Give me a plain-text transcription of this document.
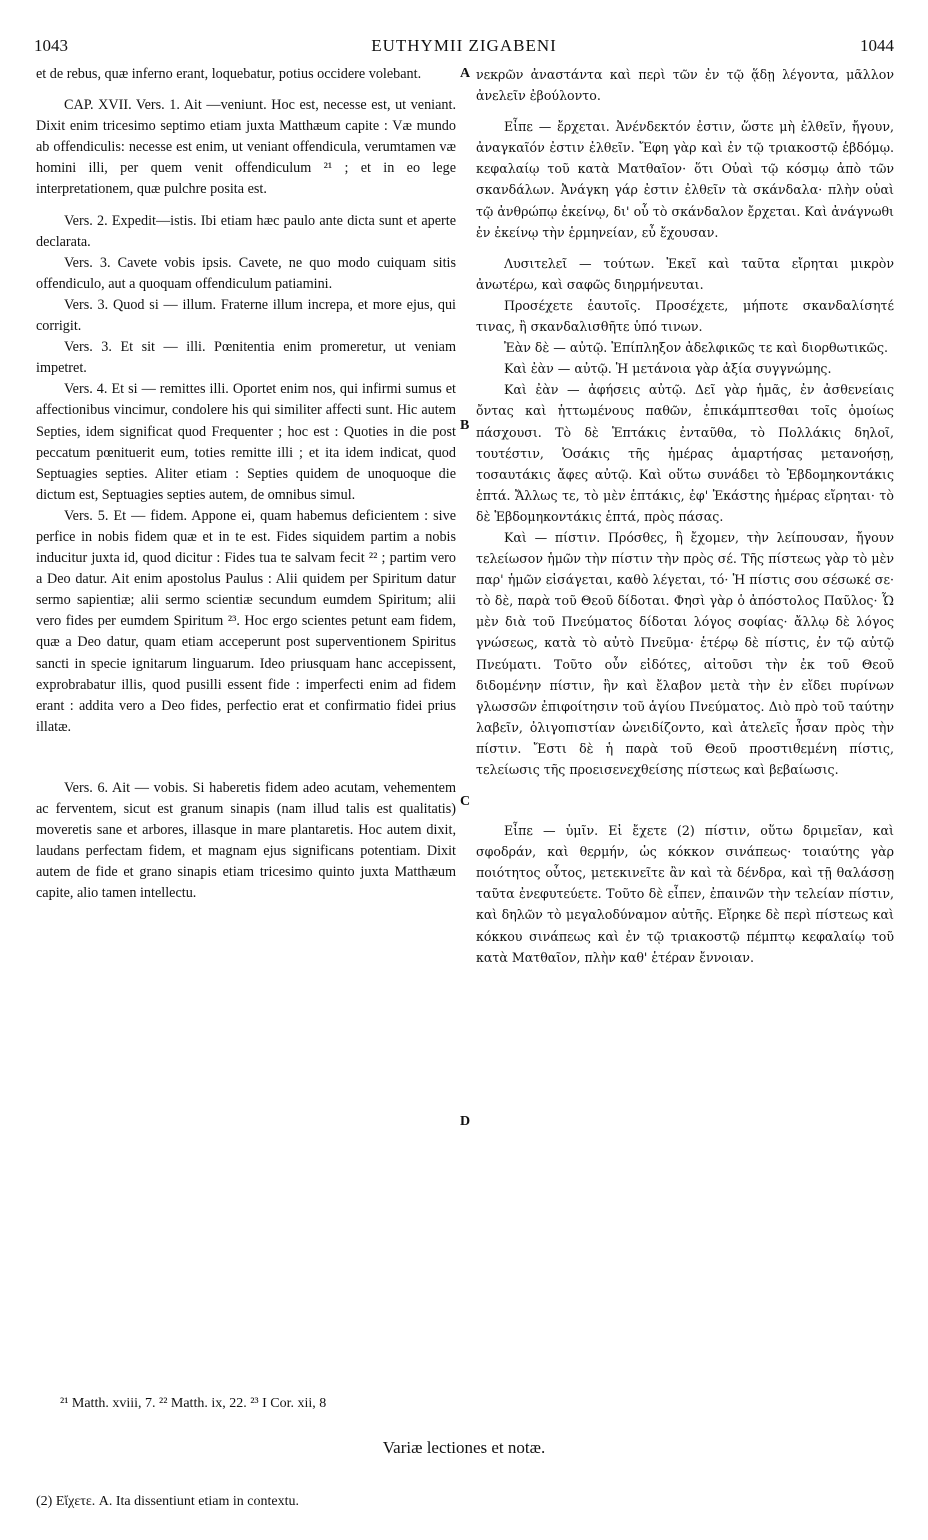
1043	EUTHYMII ZIGABENI	1044

et de rebus, quæ inferno erant, loquebatur, potius occidere volebant.

CAP. XVII. Vers. 1. Ait —veniunt. Hoc est, necesse est, ut veniant. Dixit enim tricesimo septimo etiam juxta Matthæum capite : Væ mundo ab offendiculis: necesse est enim, ut veniant offendicula, verumtamen væ homini illi, per quem venit offendiculum ²¹ ; et in eo lege interpretationem, quæ pulchre posita est.

Vers. 2. Expedit—istis. Ibi etiam hæc paulo ante dicta sunt et aperte declarata.

Vers. 3. Cavete vobis ipsis. Cavete, ne quo modo cuiquam sitis offendiculo, aut a quoquam offendiculum patiamini.

Vers. 3. Quod si — illum. Fraterne illum increpa, et more ejus, qui corrigit.

Vers. 3. Et sit — illi. Pœnitentia enim promeretur, ut veniam impetret.

Vers. 4. Et si — remittes illi. Oportet enim nos, qui infirmi sumus et affectionibus vincimur, condolere his qui similiter affecti sunt. Hic autem Septies, idem significat quod Frequenter ; hoc est : Quoties in die post peccatum pœnituerit eum, toties remitte illi ; et ita idem indicat, quod Septuagies septies. Aliter etiam : Septies quidem de unoquoque die dictum est, Septuagies septies autem, de omnibus simul.

Vers. 5. Et — fidem. Appone ei, quam habemus deficientem : sive perfice in nobis fidem quæ et in te est. Fides siquidem partim a nobis inducitur juxta id, quod dicitur : Fides tua te salvam fecit ²² ; partim vero a Deo datur. Ait enim apostolus Paulus : Alii quidem per Spiritum datur sermo sapientiæ; alii sermo scientiæ secundum eumdem Spiritum; alii vero fides per eumdem Spiritum ²³. Hoc ergo scientes petunt eam fidem, quæ a Deo datur, quam etiam acceperunt post superventionem Spiritus sancti in specie ignitarum linguarum. Ideo priusquam hanc accepissent, exprobrabatur illis, quod pusilli essent fide : imperfecti enim ad fidem erant : addita vero a Deo fides, perfectio erat et confirmatio fidei prius illatæ.

Vers. 6. Ait — vobis. Si haberetis fidem adeo acutam, vehementem ac ferventem, sicut est granum sinapis (nam illud talis est qualitatis) moveretis sane et arbores, illasque in mare plantaretis. Hoc autem dixit, laudans perfectam fidem, et magnam ejus significans potentiam. Dixit autem de fide et grano sinapis etiam tricesimo quinto juxta Matthæum capite, alio tamen intellectu.

νεκρῶν ἀναστάντα καὶ περὶ τῶν ἐν τῷ ᾅδῃ λέγοντα, μᾶλλον ἀνελεῖν ἐβούλοντο.

Εἶπε — ἔρχεται. Ἀνένδεκτόν ἐστιν, ὥστε μὴ ἐλθεῖν, ἤγουν, ἀναγκαῖόν ἐστιν ἐλθεῖν. Ἔφη γὰρ καὶ ἐν τῷ τριακοστῷ ἑβδόμῳ. κεφαλαίῳ τοῦ κατὰ Ματθαῖον· ὅτι Οὐαὶ τῷ κόσμῳ ἀπὸ τῶν σκανδάλων. Ἀνάγκη γάρ ἐστιν ἐλθεῖν τὰ σκάνδαλα· πλὴν οὐαὶ τῷ ἀνθρώπῳ ἐκείνῳ, δι' οὗ τὸ σκάνδαλον ἔρχεται. Καὶ ἀνάγνωθι ἐν ἐκείνῳ τὴν ἑρμηνείαν, εὖ ἔχουσαν.

Λυσιτελεῖ — τούτων. Ἐκεῖ καὶ ταῦτα εἴρηται μικρὸν ἀνωτέρω, καὶ σαφῶς διηρμήνευται.

Προσέχετε ἑαυτοῖς. Προσέχετε, μήποτε σκανδαλίσητέ τινας, ἢ σκανδαλισθῆτε ὑπό τινων.

Ἐὰν δὲ — αὐτῷ. Ἐπίπληξον ἀδελφικῶς τε καὶ διορθωτικῶς.

Καὶ ἐὰν — αὐτῷ. Ἡ μετάνοια γὰρ ἀξία συγγνώμης.

Καὶ ἐὰν — ἀφήσεις αὐτῷ. Δεῖ γὰρ ἡμᾶς, ἐν ἀσθενείαις ὄντας καὶ ἡττωμένους παθῶν, ἐπικάμπτεσθαι τοῖς ὁμοίως πάσχουσι. Τὸ δὲ Ἑπτάκις ἐνταῦθα, τὸ Πολλάκις δηλοῖ, τουτέστιν, Ὁσάκις τῆς ἡμέρας ἁμαρτήσας μετανοήσῃ, τοσαυτάκις ἄφες αὐτῷ. Καὶ οὕτω συνάδει τὸ Ἑβδομηκοντάκις ἑπτά. Ἄλλως τε, τὸ μὲν ἑπτάκις, ἐφ' Ἑκάστης ἡμέρας εἴρηται· τὸ δὲ Ἑβδομηκοντάκις ἑπτά, πρὸς πάσας.

Καὶ — πίστιν. Πρόσθες, ἣ ἔχομεν, τὴν λείπουσαν, ἤγουν τελείωσον ἡμῶν τὴν πίστιν τὴν πρὸς σέ. Τῆς πίστεως γὰρ τὸ μὲν παρ' ἡμῶν εἰσάγεται, καθὸ λέγεται, τό· Ἡ πίστις σου σέσωκέ σε· τὸ δὲ, παρὰ τοῦ Θεοῦ δίδοται. Φησὶ γὰρ ὁ ἀπόστολος Παῦλος· Ὧ μὲν διὰ τοῦ Πνεύματος δίδοται λόγος σοφίας· ἄλλῳ δὲ λόγος γνώσεως, κατὰ τὸ αὐτὸ Πνεῦμα· ἑτέρῳ δὲ πίστις, ἐν τῷ αὐτῷ Πνεύματι. Τοῦτο οὖν εἰδότες, αἰτοῦσι τὴν ἐκ τοῦ Θεοῦ διδομένην πίστιν, ἣν καὶ ἔλαβον μετὰ τὴν ἐν εἴδει πυρίνων γλωσσῶν ἐπιφοίτησιν τοῦ ἁγίου Πνεύματος. Διὸ πρὸ τοῦ ταύτην λαβεῖν, ὀλιγοπιστίαν ὠνειδίζοντο, καὶ ἀτελεῖς ἦσαν πρὸς τὴν πίστιν. Ἔστι δὲ ἡ παρὰ τοῦ Θεοῦ προστιθεμένη πίστις, τελείωσις τῆς προεισενεχθείσης πίστεως καὶ βεβαίωσις.

Εἶπε — ὑμῖν. Εἰ ἔχετε (2) πίστιν, οὕτω δριμεῖαν, καὶ σφοδράν, καὶ θερμήν, ὡς κόκκον σινάπεως· τοιαύτης γὰρ ποιότητος οὗτος, μετεκινεῖτε ἂν καὶ τὰ δένδρα, καὶ τῇ θαλάσσῃ ταῦτα ἐνεφυτεύετε. Τοῦτο δὲ εἶπεν, ἐπαινῶν τὴν τελείαν πίστιν, καὶ δηλῶν τὸ μεγαλοδύναμον αὐτῆς. Εἴρηκε δὲ περὶ πίστεως καὶ κόκκου σινάπεως καὶ ἐν τῷ τριακοστῷ πέμπτῳ κεφαλαίῳ τοῦ κατὰ Ματθαῖον, πλὴν καθ' ἑτέραν ἔννοιαν.

A
B
C
D
²¹ Matth. xviii, 7. ²² Matth. ix, 22. ²³ I Cor. xii, 8
Variæ lectiones et notæ.
(2) Εἴχετε. A. Ita dissentiunt etiam in contextu.
